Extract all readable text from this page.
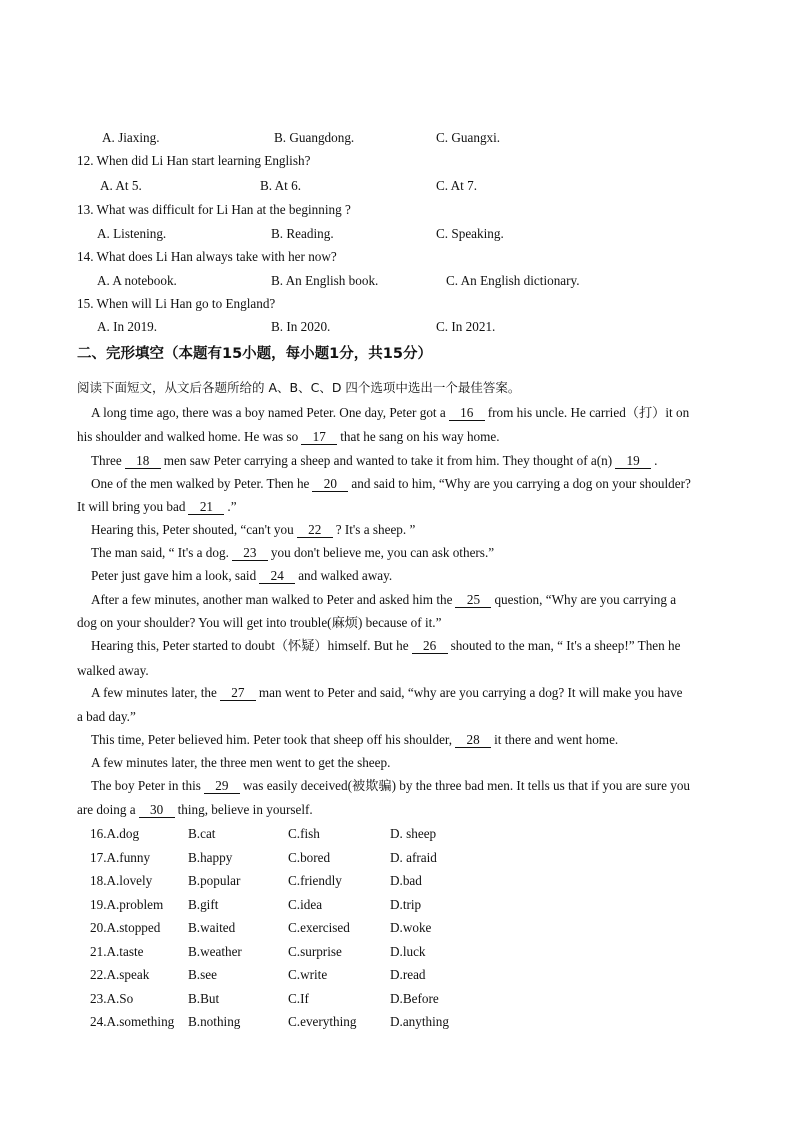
A. Jiaxing.	B. Guangdong.	C. Guangxi.
12. When did Li Han start learning English?
A. At 5.	B. At 6.	C. At 7.
13. What was difficult for Li Han at the beginning ?
A. Listening.	B. Reading.	C. Speaking.
14. What does Li Han always take with her now?
A. A notebook.	B. An English book.	C. An English dictionary.
15. When will Li Han go to England?
A. In 2019.	B. In 2020.	C. In 2021.
二、完形填空（本题有15小题，每小题1分，共15分）
阅读下面短文，从文后各题所给的 A、B、C、D 四个选项中选出一个最佳答案。
A long time ago, there was a boy named Peter. One day, Peter got a 16 from his uncle. He carried（打）it on
his shoulder and walked home. He was so 17 that he sang on his way home.
Three 18 men saw Peter carrying a sheep and wanted to take it from him. They thought of a(n) 19 .
One of the men walked by Peter. Then he 20 and said to him, “Why are you carrying a dog on your shoulder?
It will bring you bad 21 .”
Hearing this, Peter shouted, “can't you 22 ? It's a sheep. ”
The man said, “ It's a dog. 23 you don't believe me, you can ask others.”
Peter just gave him a look, said 24 and walked away.
After a few minutes, another man walked to Peter and asked him the 25 question, “Why are you carrying a
dog on your shoulder? You will get into trouble(麻烦) because of it.”
Hearing this, Peter started to doubt（怀疑）himself. But he 26 shouted to the man, “ It's a sheep!” Then he
walked away.
A few minutes later, the 27 man went to Peter and said, “why are you carrying a dog? It will make you have
a bad day.”
This time, Peter believed him. Peter took that sheep off his shoulder, 28 it there and went home.
A few minutes later, the three men went to get the sheep.
The boy Peter in this 29 was easily deceived(被欺骗) by the three bad men. It tells us that if you are sure you
are doing a 30 thing, believe in yourself.
16.A.dog	B.cat	C.fish	D. sheep
17.A.funny	B.happy	C.bored	D. afraid
18.A.lovely	B.popular	C.friendly	D.bad
19.A.problem B.gift	C.idea	D.trip
20.A.stopped B.waited	C.exercised	D.woke
21.A.taste	B.weather	C.surprise	D.luck
22.A.speak	B.see	C.write	D.read
23.A.So	B.But	C.If	D.Before
24.A.something B.nothing	C.everything	D.anything
